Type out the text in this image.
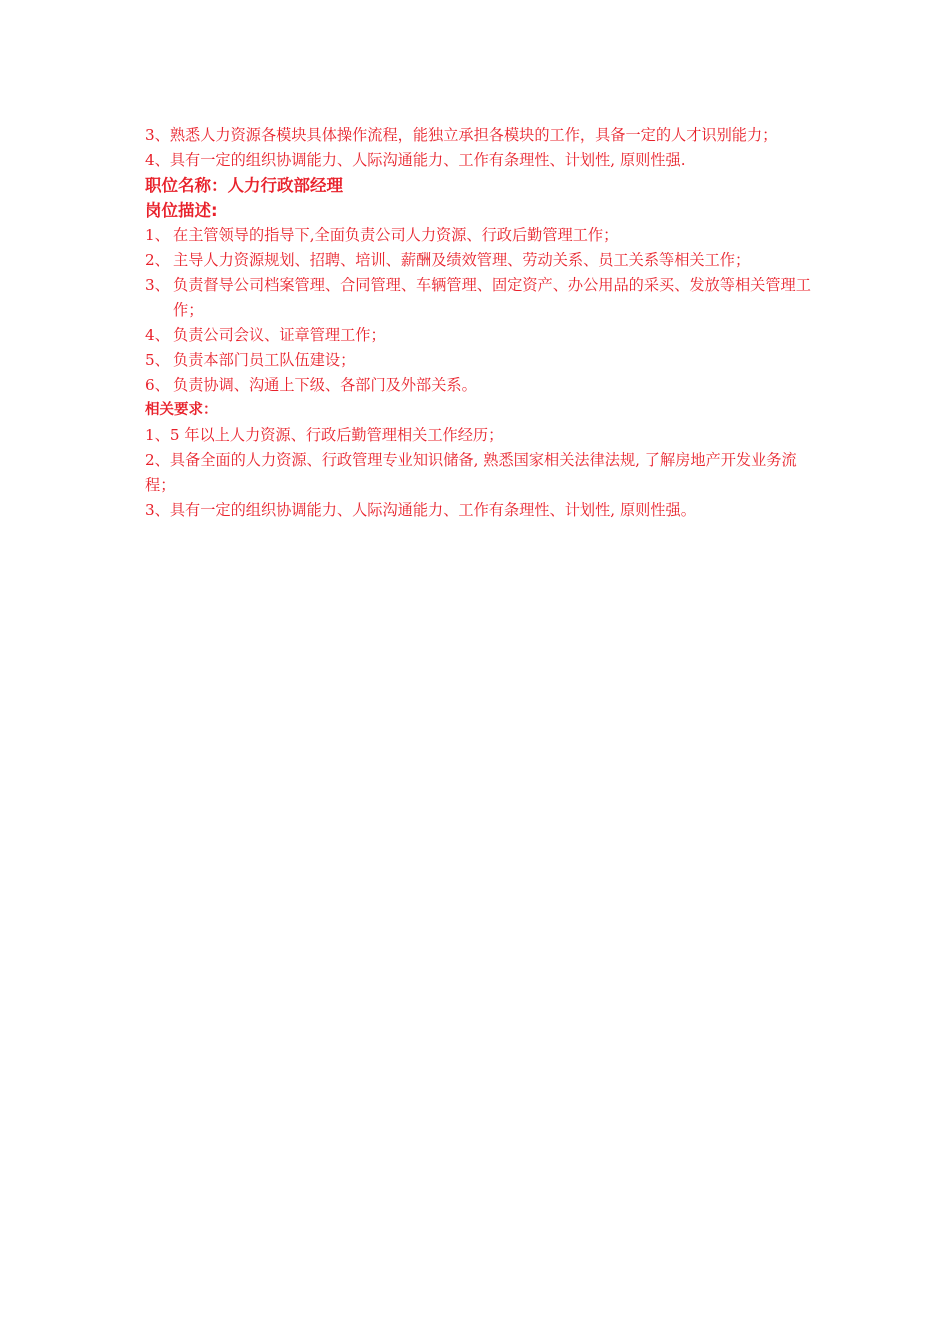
3、熟悉人力资源各模块具体操作流程，能独立承担各模块的工作，具备一定的人才识别能力；

4、具有一定的组织协调能力、人际沟通能力、工作有条理性、计划性, 原则性强.

职位名称：人力行政部经理

岗位描述:

1、 在主管领导的指导下,全面负责公司人力资源、行政后勤管理工作；
2、 主导人力资源规划、招聘、培训、薪酬及绩效管理、劳动关系、员工关系等相关工作；
3、 负责督导公司档案管理、合同管理、车辆管理、固定资产、办公用品的采买、发放等相关管理工作；
4、 负责公司会议、证章管理工作；
5、 负责本部门员工队伍建设；
6、 负责协调、沟通上下级、各部门及外部关系。

相关要求：

1、5 年以上人力资源、行政后勤管理相关工作经历；

2、具备全面的人力资源、行政管理专业知识储备, 熟悉国家相关法律法规, 了解房地产开发业务流程；

3、具有一定的组织协调能力、人际沟通能力、工作有条理性、计划性, 原则性强。
